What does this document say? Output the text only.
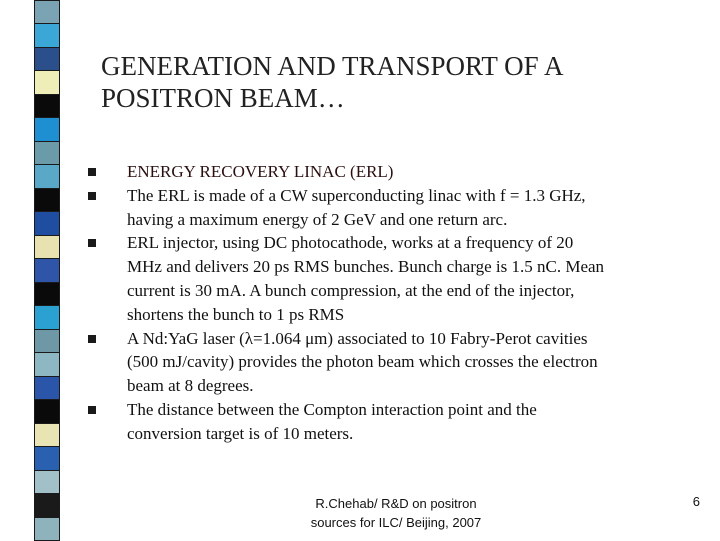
GENERATION AND TRANSPORT OF A
POSITRON BEAM…
ENERGY RECOVERY LINAC (ERL)
The ERL is made of a CW superconducting linac with f = 1.3 GHz,
having a maximum energy of 2 GeV and one return arc.
ERL injector, using DC photocathode, works at a frequency of 20
MHz and delivers 20 ps RMS bunches. Bunch charge is 1.5 nC. Mean
current is 30 mA. A bunch compression, at the end of the injector,
shortens the bunch to 1 ps RMS
A Nd:YaG laser (λ=1.064 μm) associated to 10 Fabry-Perot cavities
(500 mJ/cavity) provides the photon beam which crosses the electron
beam at 8 degrees.
The distance between the Compton interaction point and the
conversion target is of 10 meters.
R.Chehab/ R&D on positron
sources for ILC/ Beijing, 2007
6
